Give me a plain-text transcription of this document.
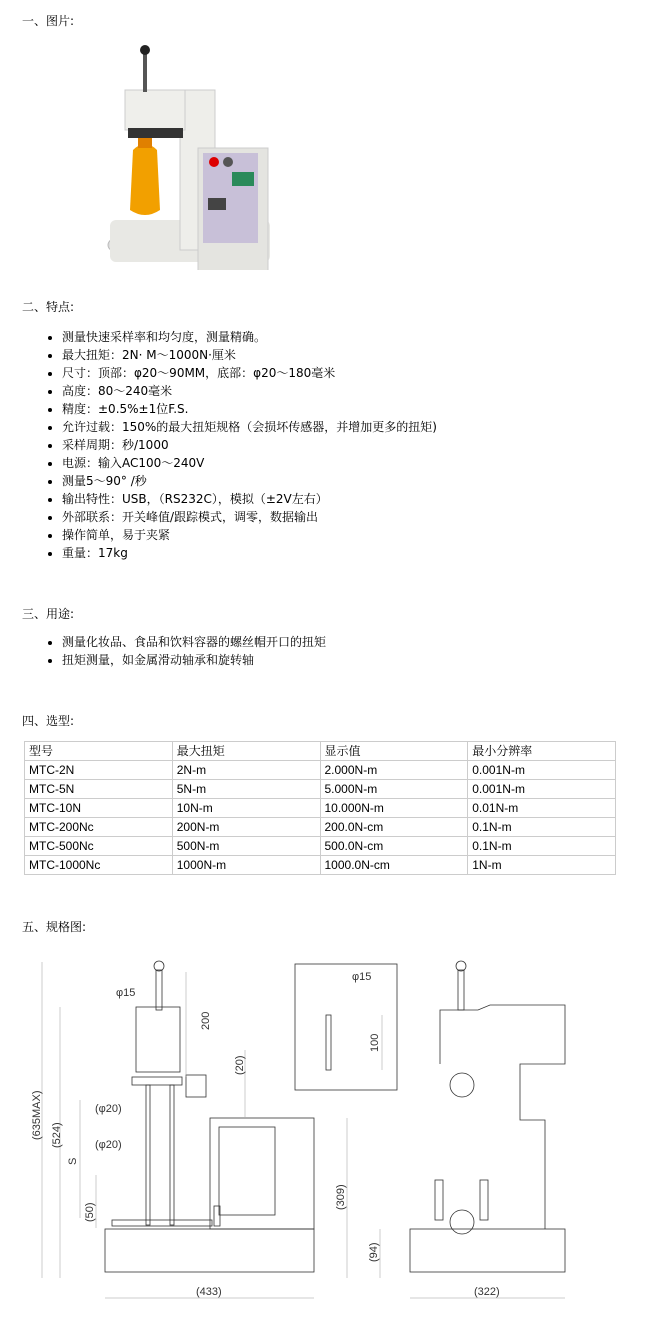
一、图片:
二、特点:
• 测量快速采样率和均匀度，测量精确。
• 最大扭矩：2N· M～1000N·厘米
• 尺寸：顶部：φ20～90MM，底部：φ20～180毫米
• 高度：80～240毫米
• 精度：±0.5%±1位F.S.
• 允许过载：150%的最大扭矩规格（会损坏传感器，并增加更多的扭矩)
• 采样周期：秒/1000
• 电源：输入AC100～240V
• 测量5～90° /秒
• 输出特性：USB，（RS232C），模拟（±2V左右）
• 外部联系：开关峰值/跟踪模式，调零，数据输出
• 操作简单，易于夹紧
• 重量：17kg
三、用途:
• 测量化妆品、食品和饮料容器的螺丝帽开口的扭矩
• 扭矩测量，如金属滑动轴承和旋转轴
四、选型:
型号	最大扭矩	显示值	最小分辨率
MTC-2N	2N-m	2.000N-m	0.001N-m
MTC-5N	5N-m	5.000N-m	0.001N-m
MTC-10N	10N-m	10.000N-m	0.01N-m
MTC-200Nc	200N-m	200.0N-cm	0.1N-m
MTC-500Nc	500N-m	500.0N-cm	0.1N-m
MTC-1000Nc	1000N-m	1000.0N-cm	1N-m
五、规格图:
φ15
200
(20)
(φ20)
(φ20)
S
(635MAX) (524)
(50)
(309)
(433)
φ15
100
(94)
(322)
